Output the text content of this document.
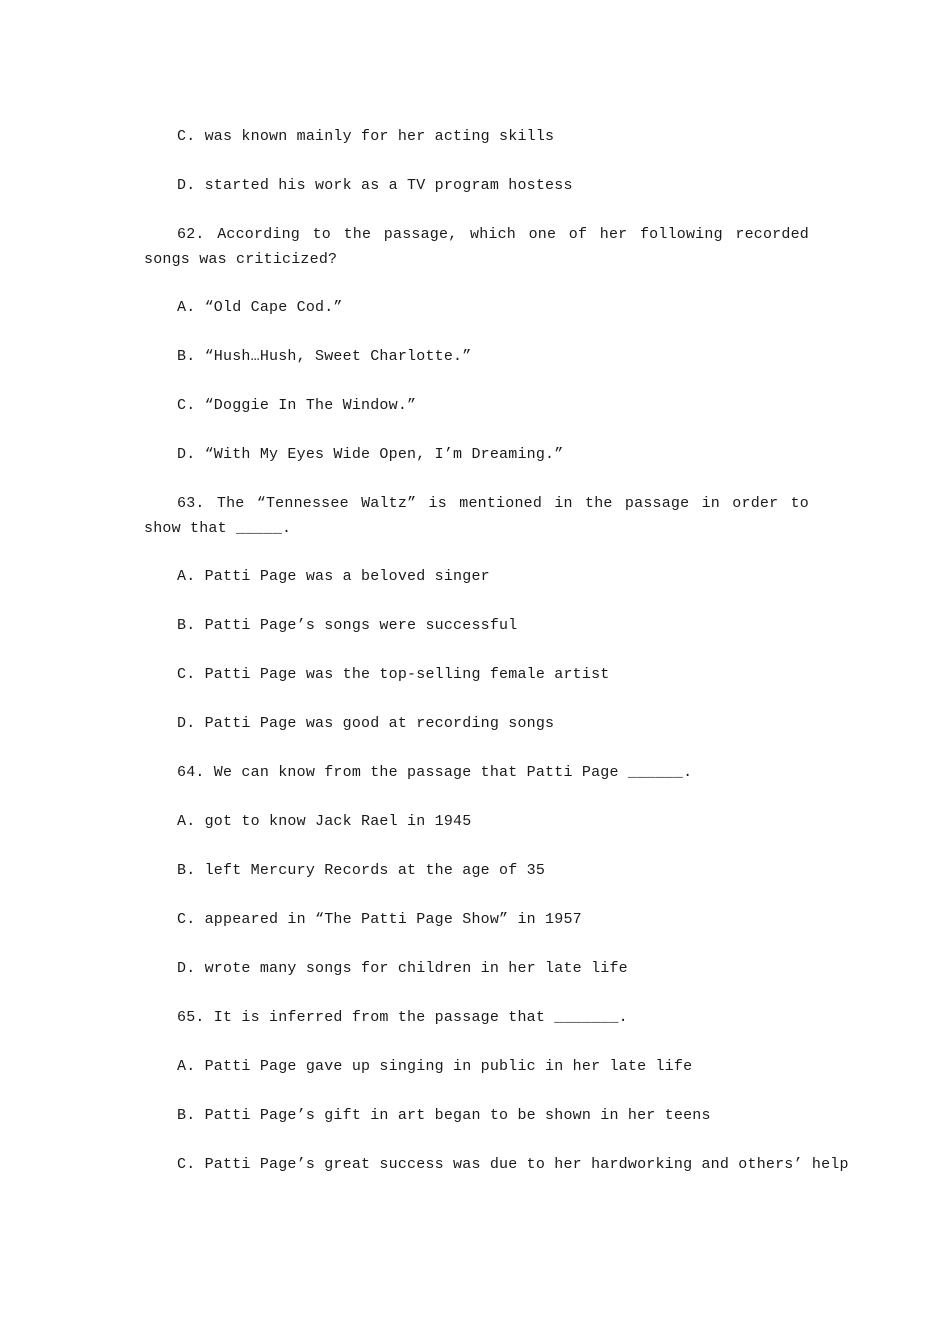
C. was known mainly for her acting skills
D. started his work as a TV program hostess
62. According to the passage, which one of her following recorded songs was criticized?
A. “Old Cape Cod.”
B. “Hush…Hush, Sweet Charlotte.”
C. “Doggie In The Window.”
D. “With My Eyes Wide Open, I’m Dreaming.”
63. The “Tennessee Waltz” is mentioned in the passage in order to show that _____.
A. Patti Page was a beloved singer
B. Patti Page’s songs were successful
C. Patti Page was the top-selling female artist
D. Patti Page was good at recording songs
64. We can know from the passage that Patti Page ______.
A. got to know Jack Rael in 1945
B. left Mercury Records at the age of 35
C. appeared in “The Patti Page Show” in 1957
D. wrote many songs for children in her late life
65. It is inferred from the passage that _______.
A. Patti Page gave up singing in public in her late life
B. Patti Page’s gift in art began to be shown in her teens
C. Patti Page’s great success was due to her hardworking and others’ help
